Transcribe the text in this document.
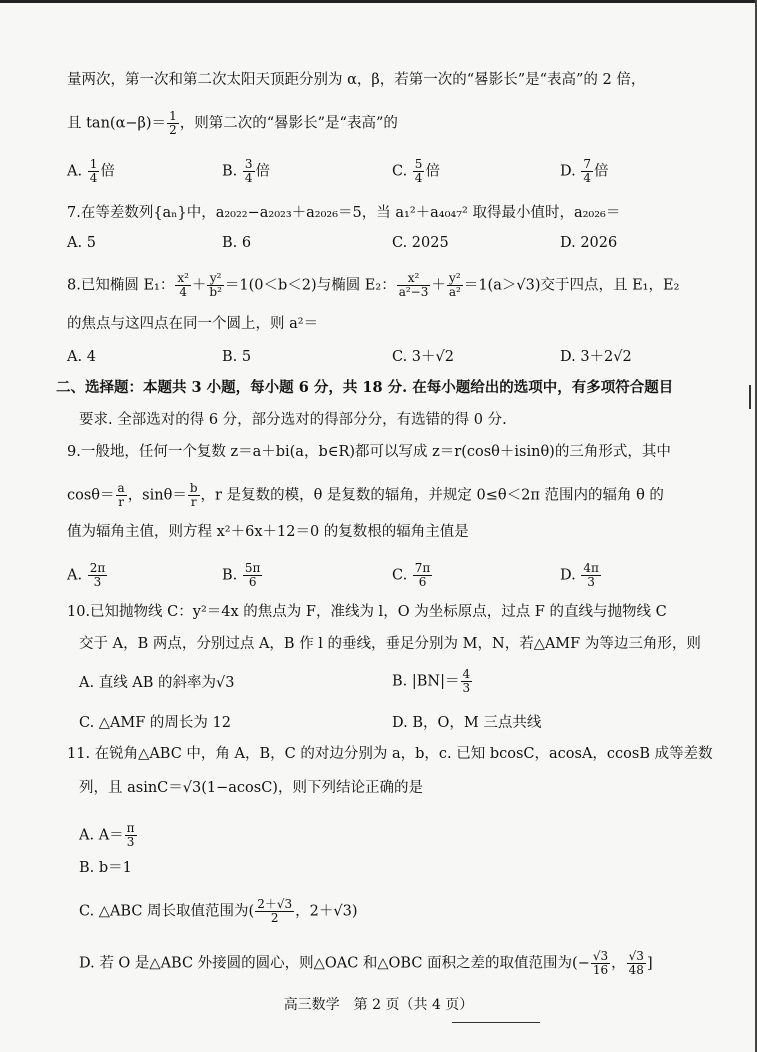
量两次，第一次和第二次太阳天顶距分别为 α，β，若第一次的“晷影长”是“表高”的 2 倍，
且 $\tan(\alpha-\beta)= \frac{1}{2}$ ，则第二次的“晷影长”是“表高”的
A. $\frac{1}{4}$ 倍	B. $\frac{3}{4}$ 倍	C. $\frac{5}{4}$ 倍	D. $\frac{7}{4}$ 倍
7.在等差数列{aₙ}中，a₂₀₂₂−a₂₀₂₃＋a₂₀₂₆＝5，当 a₁²＋a₄₀₄₇² 取得最小值时，a₂₀₂₆＝
A. 5	B. 6	C. 2025	D. 2026
8.已知椭圆 E₁： $\frac{\text{x²}}{4} + \frac{\text{y²}}{\text{b²}} =1(0<b<2)$与椭圆 E₂： $\frac{\text{x²}}{\text{a²−3}} + \frac{\text{y²}}{\text{a²}} =1(a>√3)$交于四点，且 E₁，E₂
的焦点与这四点在同一个圆上，则 a²＝
A. 4	B. 5	C. 3＋√2	D. 3＋2√2
二、选择题：本题共 3 小题，每小题 6 分，共 18 分. 在每小题给出的选项中，有多项符合题目
要求. 全部选对的得 6 分，部分选对的得部分分，有选错的得 0 分.
9.一般地，任何一个复数 z＝a＋bi(a，b∈R)都可以写成 z＝r(cosθ＋isinθ)的三角形式，其中
$\cos\theta= \frac{a}{r}$ ，$\sin\theta= \frac{b}{r}$ ，r 是复数的模，θ 是复数的辐角，并规定 0≤θ＜2π 范围内的辐角 θ 的
值为辐角主值，则方程 x²＋6x＋12＝0 的复数根的辐角主值是
A. $\frac{2\pi}{3}$	B. $\frac{5\pi}{6}$	C. $\frac{7\pi}{6}$	D. $\frac{4\pi}{3}$
10.已知抛物线 C：y²＝4x 的焦点为 F，准线为 l，O 为坐标原点，过点 F 的直线与抛物线 C
交于 A，B 两点，分别过点 A，B 作 l 的垂线，垂足分别为 M，N，若△AMF 为等边三角形，则
A. 直线 AB 的斜率为√3	B. $|BN|= \frac{4}{3}$
C. △AMF 的周长为 12	D. B，O，M 三点共线
11. 在锐角△ABC 中，角 A，B，C 的对边分别为 a，b，c. 已知 bcosC，acosA，ccosB 成等差数
列，且 asinC＝√3(1−acosC)，则下列结论正确的是
A. $A= \frac{\pi}{3}$
B. b＝1
C. △ABC 周长取值范围为( $\frac{2+√3}{2}$ ，2＋√3)
D. 若 O 是△ABC 外接圆的圆心，则△OAC 和△OBC 面积之差的取值范围为(− $\frac{√3}{16}$ ， $\frac{√3}{48}$ ]
高三数学　第 2 页（共 4 页）
